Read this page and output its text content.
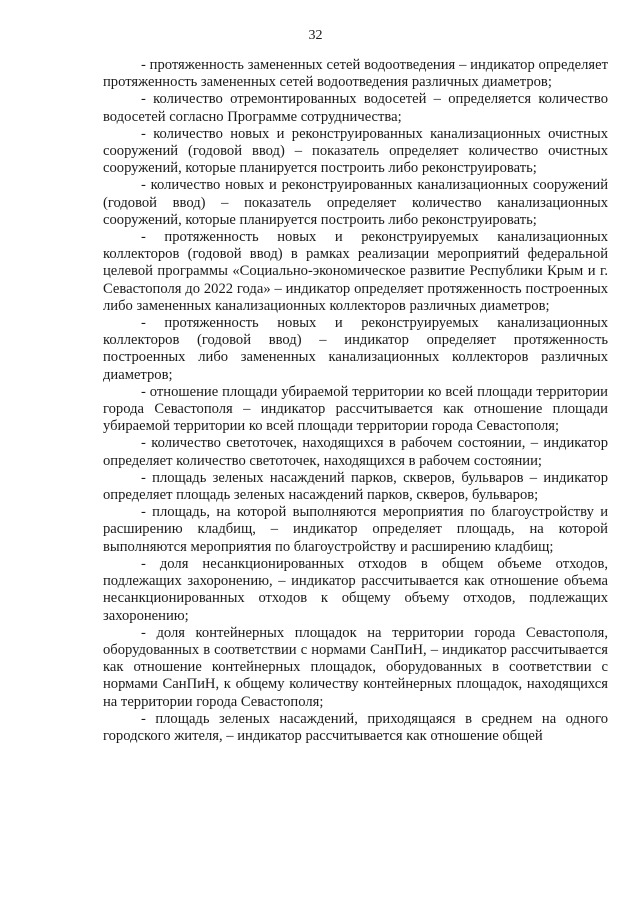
32

- протяженность замененных сетей водоотведения – индикатор определяет протяженность замененных сетей водоотведения различных диаметров;

- количество отремонтированных водосетей – определяется количество водосетей согласно Программе сотрудничества;

- количество новых и реконструированных канализационных очистных сооружений (годовой ввод) – показатель определяет количество очистных сооружений, которые планируется построить либо реконструировать;

- количество новых и реконструированных канализационных сооружений (годовой ввод) – показатель определяет количество канализационных сооружений, которые планируется построить либо реконструировать;

- протяженность новых и реконструируемых канализационных коллекторов (годовой ввод) в рамках реализации мероприятий федеральной целевой программы «Социально-экономическое развитие Республики Крым и г. Севастополя до 2022 года» – индикатор определяет протяженность построенных либо замененных канализационных коллекторов различных диаметров;

- протяженность новых и реконструируемых канализационных коллекторов (годовой ввод) – индикатор определяет протяженность построенных либо замененных канализационных коллекторов различных диаметров;

- отношение площади убираемой территории ко всей площади территории города Севастополя – индикатор рассчитывается как отношение площади убираемой территории ко всей площади территории города Севастополя;

- количество светоточек, находящихся в рабочем состоянии, – индикатор определяет количество светоточек, находящихся в рабочем состоянии;

- площадь зеленых насаждений парков, скверов, бульваров – индикатор определяет площадь зеленых насаждений парков, скверов, бульваров;

- площадь, на которой выполняются мероприятия по благоустройству и расширению кладбищ, – индикатор определяет площадь, на которой выполняются мероприятия по благоустройству и расширению кладбищ;

- доля несанкционированных отходов в общем объеме отходов, подлежащих захоронению, – индикатор рассчитывается как отношение объема несанкционированных отходов к общему объему отходов, подлежащих захоронению;

- доля контейнерных площадок на территории города Севастополя, оборудованных в соответствии с нормами СанПиН, – индикатор рассчитывается как отношение контейнерных площадок, оборудованных в соответствии с нормами СанПиН, к общему количеству контейнерных площадок, находящихся на территории города Севастополя;

- площадь зеленых насаждений, приходящаяся в среднем на одного городского жителя, – индикатор рассчитывается как отношение общей
